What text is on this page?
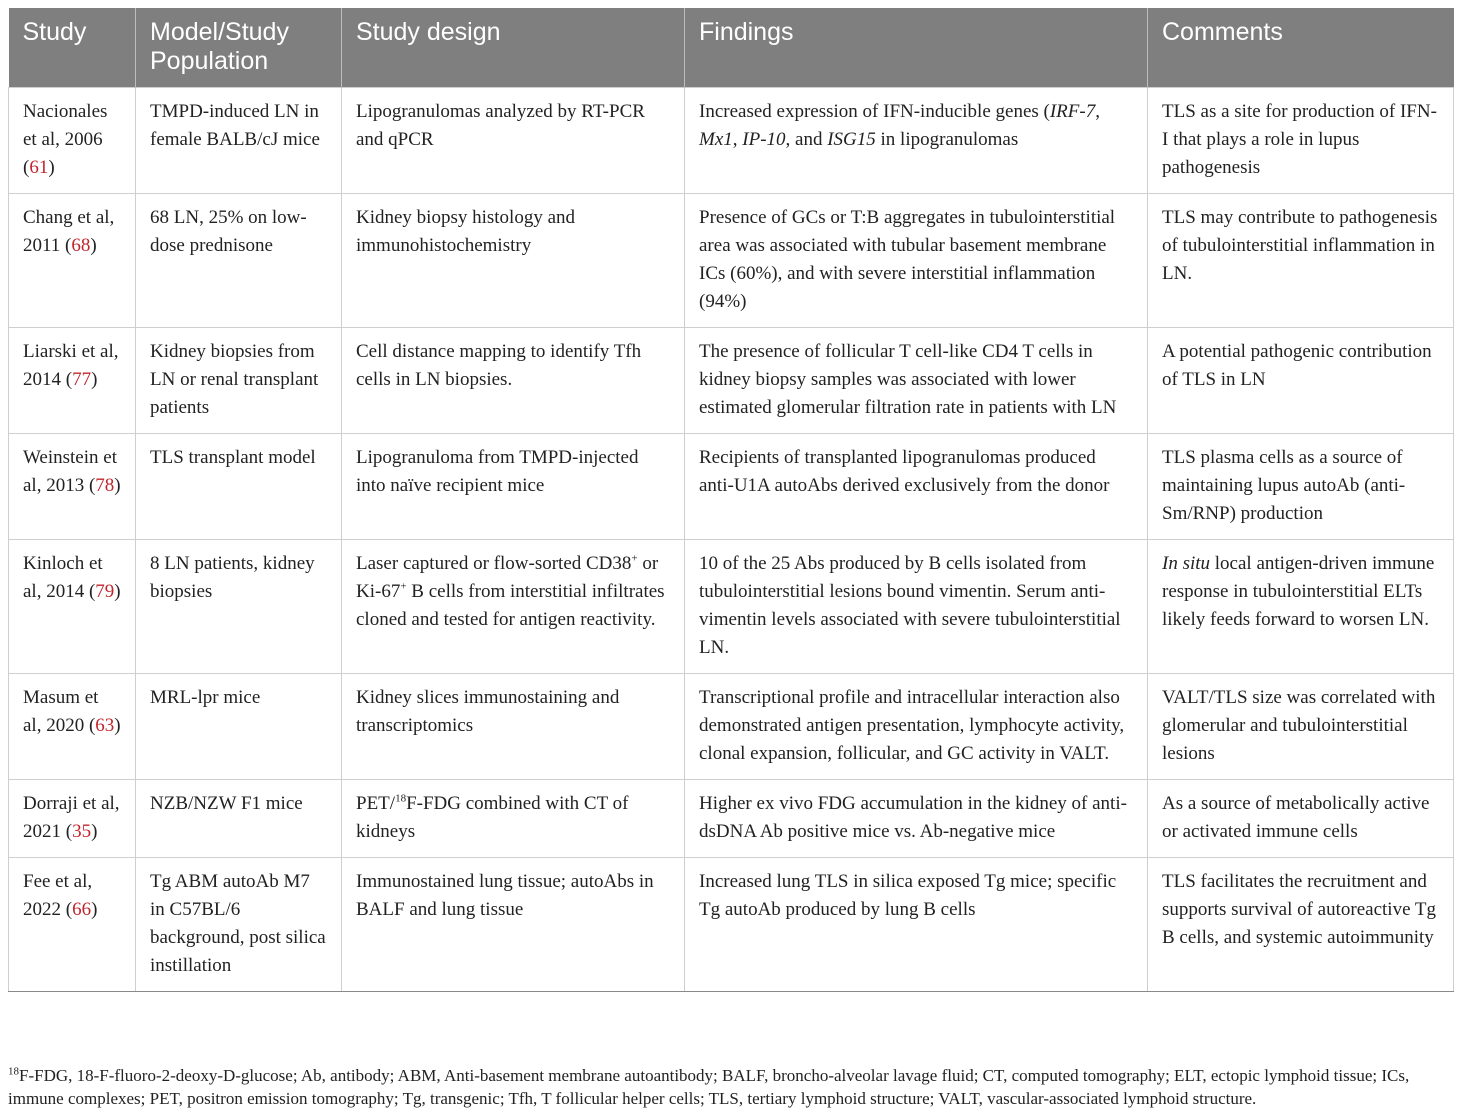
Study	Model/Study Population	Study design	Findings	Comments
Nacionales et al, 2006 (61)	TMPD-induced LN in female BALB/cJ mice	Lipogranulomas analyzed by RT-PCR and qPCR	Increased expression of IFN-inducible genes (IRF-7, Mx1, IP-10, and ISG15 in lipogranulomas	TLS as a site for production of IFN-I that plays a role in lupus pathogenesis
Chang et al, 2011 (68)	68 LN, 25% on low-dose prednisone	Kidney biopsy histology and immunohistochemistry	Presence of GCs or T:B aggregates in tubulointerstitial area was associated with tubular basement membrane ICs (60%), and with severe interstitial inflammation (94%)	TLS may contribute to pathogenesis of tubulointerstitial inflammation in LN.
Liarski et al, 2014 (77)	Kidney biopsies from LN or renal transplant patients	Cell distance mapping to identify Tfh cells in LN biopsies.	The presence of follicular T cell-like CD4 T cells in kidney biopsy samples was associated with lower estimated glomerular filtration rate in patients with LN	A potential pathogenic contribution of TLS in LN
Weinstein et al, 2013 (78)	TLS transplant model	Lipogranuloma from TMPD-injected into naïve recipient mice	Recipients of transplanted lipogranulomas produced anti-U1A autoAbs derived exclusively from the donor	TLS plasma cells as a source of maintaining lupus autoAb (anti-Sm/RNP) production
Kinloch et al, 2014 (79)	8 LN patients, kidney biopsies	Laser captured or flow-sorted CD38+ or Ki-67+ B cells from interstitial infiltrates cloned and tested for antigen reactivity.	10 of the 25 Abs produced by B cells isolated from tubulointerstitial lesions bound vimentin. Serum anti-vimentin levels associated with severe tubulointerstitial LN.	In situ local antigen-driven immune response in tubulointerstitial ELTs likely feeds forward to worsen LN.
Masum et al, 2020 (63)	MRL-lpr mice	Kidney slices immunostaining and transcriptomics	Transcriptional profile and intracellular interaction also demonstrated antigen presentation, lymphocyte activity, clonal expansion, follicular, and GC activity in VALT.	VALT/TLS size was correlated with glomerular and tubulointerstitial lesions
Dorraji et al, 2021 (35)	NZB/NZW F1 mice	PET/$^{18}$F-FDG combined with CT of kidneys	Higher ex vivo FDG accumulation in the kidney of anti-dsDNA Ab positive mice vs. Ab-negative mice	As a source of metabolically active or activated immune cells
Fee et al, 2022 (66)	Tg ABM autoAb M7 in C57BL/6 background, post silica instillation	Immunostained lung tissue; autoAbs in BALF and lung tissue	Increased lung TLS in silica exposed Tg mice; specific Tg autoAb produced by lung B cells	TLS facilitates the recruitment and supports survival of autoreactive Tg B cells, and systemic autoimmunity
$^{18}$F-FDG, 18-F-fluoro-2-deoxy-D-glucose; Ab, antibody; ABM, Anti-basement membrane autoantibody; BALF, broncho-alveolar lavage fluid; CT, computed tomography; ELT, ectopic lymphoid tissue; ICs, immune complexes; PET, positron emission tomography; Tg, transgenic; Tfh, T follicular helper cells; TLS, tertiary lymphoid structure; VALT, vascular-associated lymphoid structure.
